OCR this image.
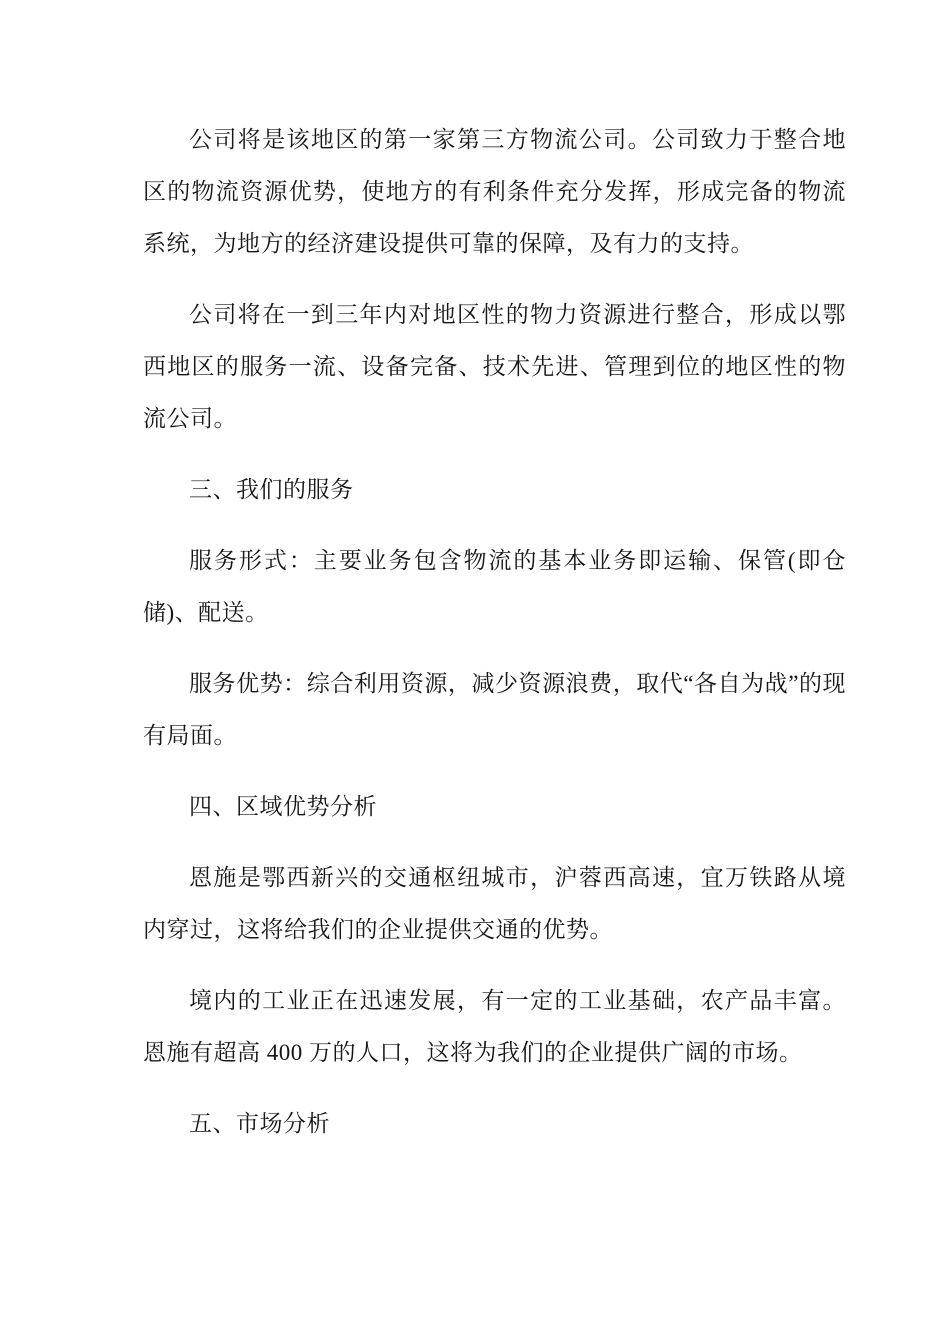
公司将是该地区的第一家第三方物流公司。公司致力于整合地区的物流资源优势，使地方的有利条件充分发挥，形成完备的物流系统，为地方的经济建设提供可靠的保障，及有力的支持。

公司将在一到三年内对地区性的物力资源进行整合，形成以鄂西地区的服务一流、设备完备、技术先进、管理到位的地区性的物流公司。

三、我们的服务

服务形式：主要业务包含物流的基本业务即运输、保管(即仓储)、配送。

服务优势：综合利用资源，减少资源浪费，取代“各自为战”的现有局面。

四、区域优势分析

恩施是鄂西新兴的交通枢纽城市，沪蓉西高速，宜万铁路从境内穿过，这将给我们的企业提供交通的优势。

境内的工业正在迅速发展，有一定的工业基础，农产品丰富。恩施有超高 400 万的人口，这将为我们的企业提供广阔的市场。

五、市场分析
